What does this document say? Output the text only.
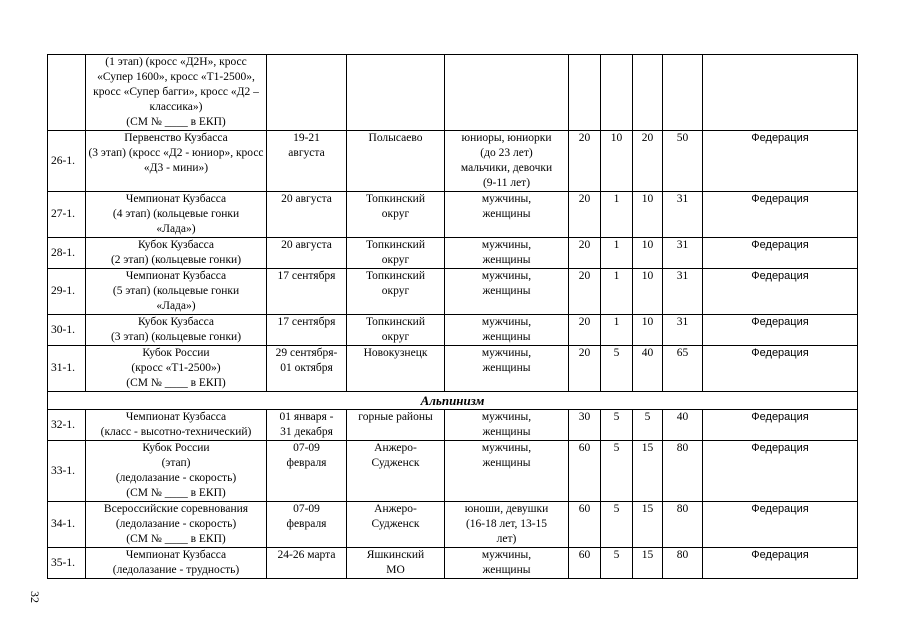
	(1 этап) (кросс «Д2Н», кросс «Супер 1600», кросс «Т1-2500», кросс «Супер багги», кросс «Д2 – классика»)
(СМ № ____ в ЕКП)								
26-1.	Первенство Кузбасса
(3 этап) (кросс «Д2 - юниор», кросс «Д3 - мини»)	19-21
августа	Полысаево	юниоры, юниорки
(до 23 лет)
мальчики, девочки
(9-11 лет)	20	10	20	50	Федерация
27-1.	Чемпионат Кузбасса
(4 этап) (кольцевые гонки
«Лада»)	20 августа	Топкинский
округ	мужчины,
женщины	20	1	10	31	Федерация
28-1.	Кубок Кузбасса
(2 этап) (кольцевые гонки)	20 августа	Топкинский
округ	мужчины,
женщины	20	1	10	31	Федерация
29-1.	Чемпионат Кузбасса
(5 этап) (кольцевые гонки
«Лада»)	17 сентября	Топкинский
округ	мужчины,
женщины	20	1	10	31	Федерация
30-1.	Кубок Кузбасса
(3 этап) (кольцевые гонки)	17 сентября	Топкинский
округ	мужчины,
женщины	20	1	10	31	Федерация
31-1.	Кубок России
(кросс «Т1-2500»)
(СМ № ____ в ЕКП)	29 сентября-
01 октября	Новокузнецк	мужчины,
женщины	20	5	40	65	Федерация
Альпинизм									
32-1.	Чемпионат Кузбасса
(класс - высотно-технический)	01 января -
31 декабря	горные районы	мужчины,
женщины	30	5	5	40	Федерация
33-1.	Кубок России
(этап)
(ледолазание - скорость)
(СМ № ____ в ЕКП)	07-09
февраля	Анжеро-
Судженск	мужчины,
женщины	60	5	15	80	Федерация
34-1.	Всероссийские соревнования
(ледолазание - скорость)
(СМ № ____ в ЕКП)	07-09
февраля	Анжеро-
Судженск	юноши, девушки
(16-18 лет, 13-15
лет)	60	5	15	80	Федерация
35-1.	Чемпионат Кузбасса
(ледолазание - трудность)	24-26 марта	Яшкинский
МО	мужчины,
женщины	60	5	15	80	Федерация
32
